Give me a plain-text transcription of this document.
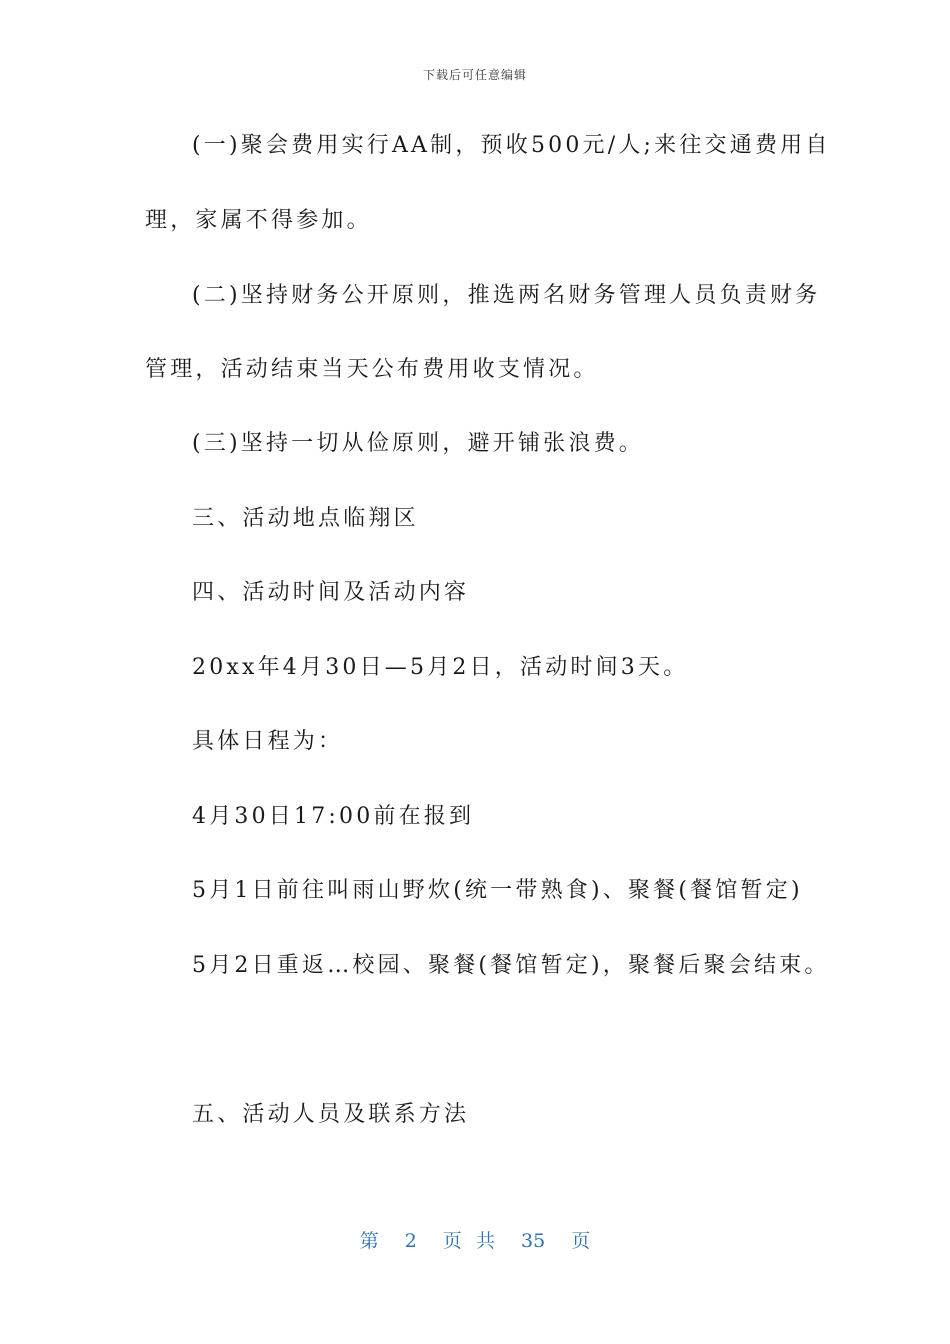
下载后可任意编辑
(一)聚会费用实行AA制，预收500元/人;来往交通费用自
理，家属不得参加。
(二)坚持财务公开原则，推选两名财务管理人员负责财务
管理，活动结束当天公布费用收支情况。
(三)坚持一切从俭原则，避开铺张浪费。
三、活动地点临翔区
四、活动时间及活动内容
20xx年4月30日—5月2日，活动时间3天。
具体日程为：
4月30日17:00前在报到
5月1日前往叫雨山野炊(统一带熟食)、聚餐(餐馆暂定)
5月2日重返…校园、聚餐(餐馆暂定)，聚餐后聚会结束。
五、活动人员及联系方法
第 2 页 共 35 页
